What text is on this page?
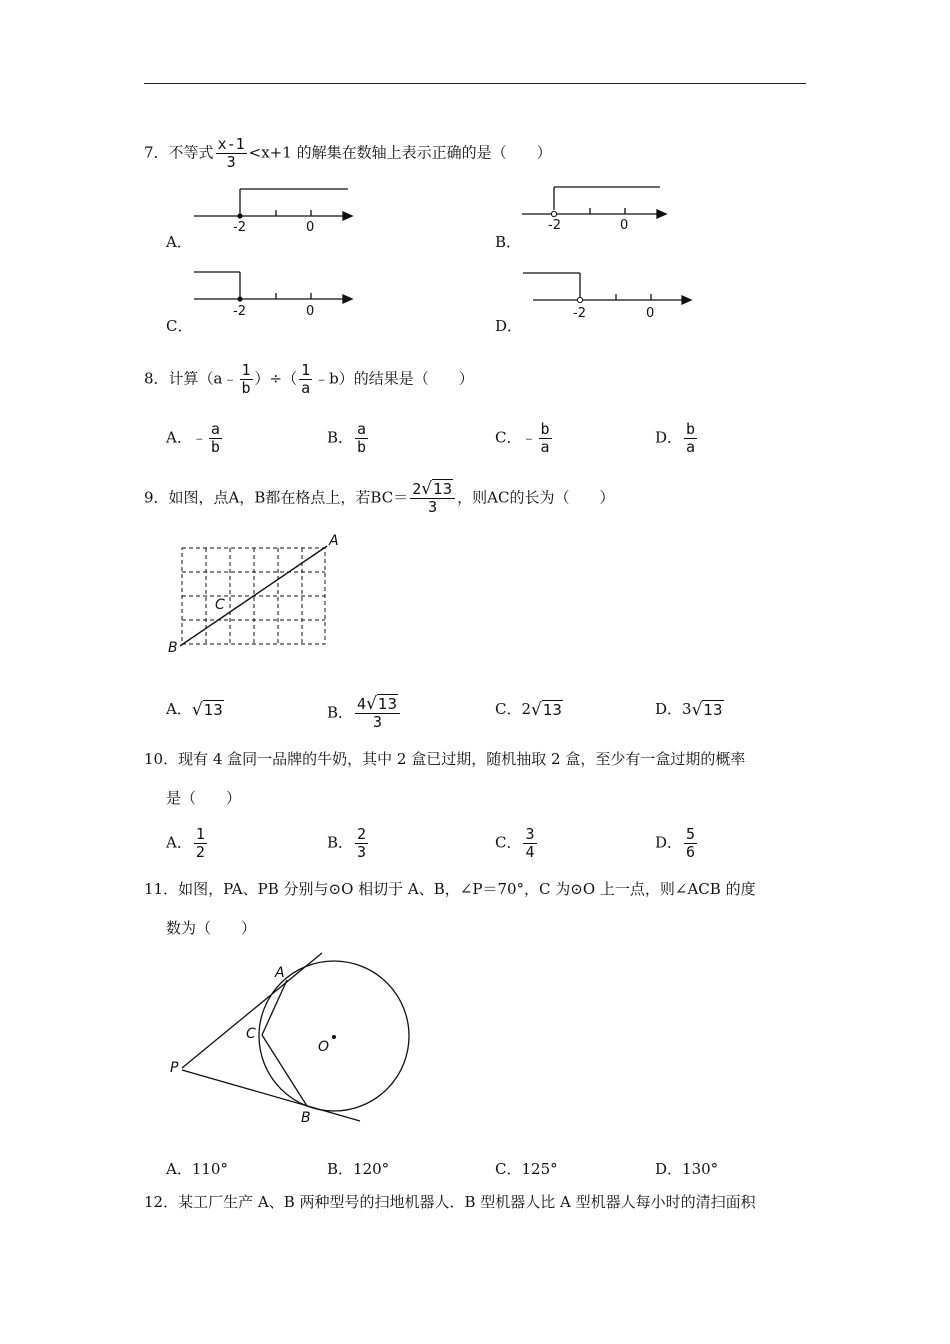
7．不等式 $\frac{x-1}{3} <x+1$ 的解集在数轴上表示正确的是（　　）
-2	0	-2	0
-2	0	-2	0
A．	B．
C．	D．
8．计算（a﹣ $\frac{1}{b}$ ）÷（ $\frac{1}{a}$ ﹣b）的结果是（　　）
A．﹣ $\frac{a}{b}$	B． $\frac{a}{b}$	C．﹣ $\frac{b}{a}$	D． $\frac{b}{a}$
9．如图，点A，B都在格点上，若$BC= \frac{2√13}{3}$ ，则AC的长为（　　）
A
B
C
A．√13	B． $\frac{4√13}{3}$	C．2√13	D．3√13
10．现有 4 盒同一品牌的牛奶，其中 2 盒已过期，随机抽取 2 盒，至少有一盒过期的概率
是（　　）
A． $\frac{1}{2}$	B． $\frac{2}{3}$	C． $\frac{3}{4}$	D． $\frac{5}{6}$
11．如图，PA、PB 分别与⊙O 相切于 A、B，∠P＝70°，C 为⊙O 上一点，则∠ACB 的度
数为（　　）
A
B
C
P
O
A．110°	B．120°	C．125°	D．130°
12．某工厂生产 A、B 两种型号的扫地机器人．B 型机器人比 A 型机器人每小时的清扫面积
